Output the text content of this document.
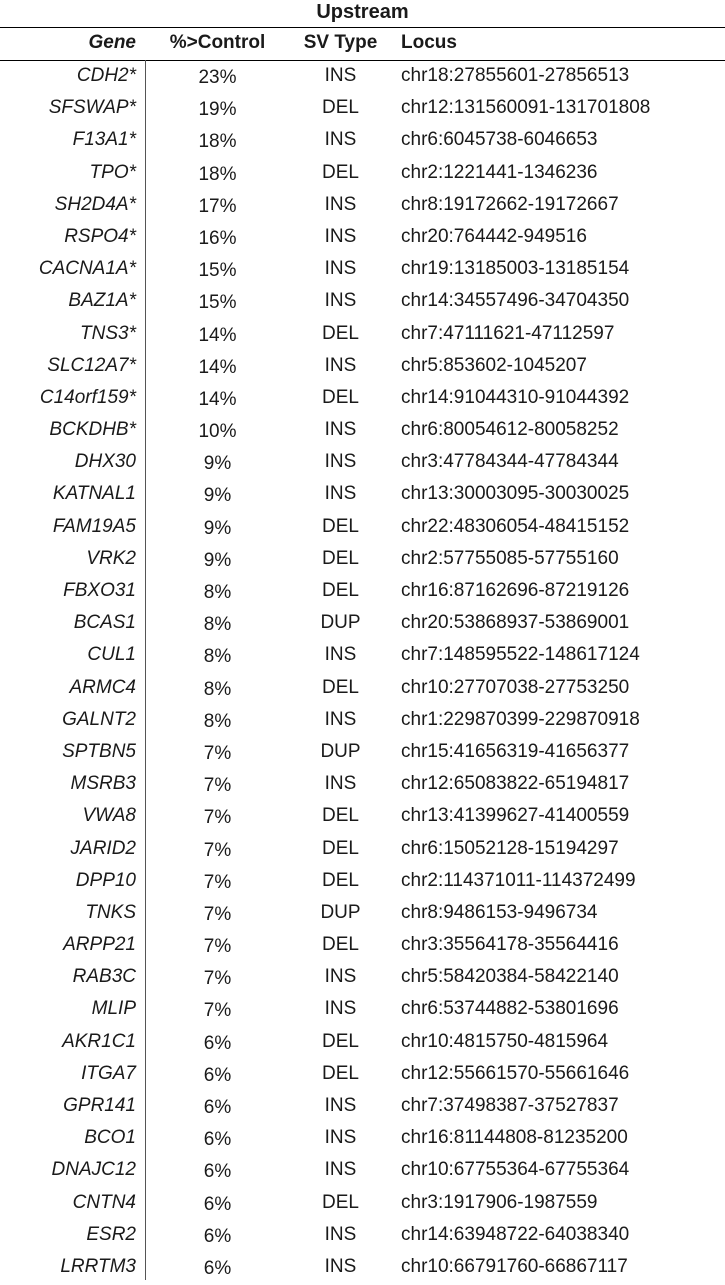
Upstream
Gene	%>Control	SV Type	Locus
CDH2*	23%	INS	chr18:27855601-27856513
SFSWAP*	19%	DEL	chr12:131560091-131701808
F13A1*	18%	INS	chr6:6045738-6046653
TPO*	18%	DEL	chr2:1221441-1346236
SH2D4A*	17%	INS	chr8:19172662-19172667
RSPO4*	16%	INS	chr20:764442-949516
CACNA1A*	15%	INS	chr19:13185003-13185154
BAZ1A*	15%	INS	chr14:34557496-34704350
TNS3*	14%	DEL	chr7:47111621-47112597
SLC12A7*	14%	INS	chr5:853602-1045207
C14orf159*	14%	DEL	chr14:91044310-91044392
BCKDHB*	10%	INS	chr6:80054612-80058252
DHX30	9%	INS	chr3:47784344-47784344
KATNAL1	9%	INS	chr13:30003095-30030025
FAM19A5	9%	DEL	chr22:48306054-48415152
VRK2	9%	DEL	chr2:57755085-57755160
FBXO31	8%	DEL	chr16:87162696-87219126
BCAS1	8%	DUP	chr20:53868937-53869001
CUL1	8%	INS	chr7:148595522-148617124
ARMC4	8%	DEL	chr10:27707038-27753250
GALNT2	8%	INS	chr1:229870399-229870918
SPTBN5	7%	DUP	chr15:41656319-41656377
MSRB3	7%	INS	chr12:65083822-65194817
VWA8	7%	DEL	chr13:41399627-41400559
JARID2	7%	DEL	chr6:15052128-15194297
DPP10	7%	DEL	chr2:114371011-114372499
TNKS	7%	DUP	chr8:9486153-9496734
ARPP21	7%	DEL	chr3:35564178-35564416
RAB3C	7%	INS	chr5:58420384-58422140
MLIP	7%	INS	chr6:53744882-53801696
AKR1C1	6%	DEL	chr10:4815750-4815964
ITGA7	6%	DEL	chr12:55661570-55661646
GPR141	6%	INS	chr7:37498387-37527837
BCO1	6%	INS	chr16:81144808-81235200
DNAJC12	6%	INS	chr10:67755364-67755364
CNTN4	6%	DEL	chr3:1917906-1987559
ESR2	6%	INS	chr14:63948722-64038340
LRRTM3	6%	INS	chr10:66791760-66867117
